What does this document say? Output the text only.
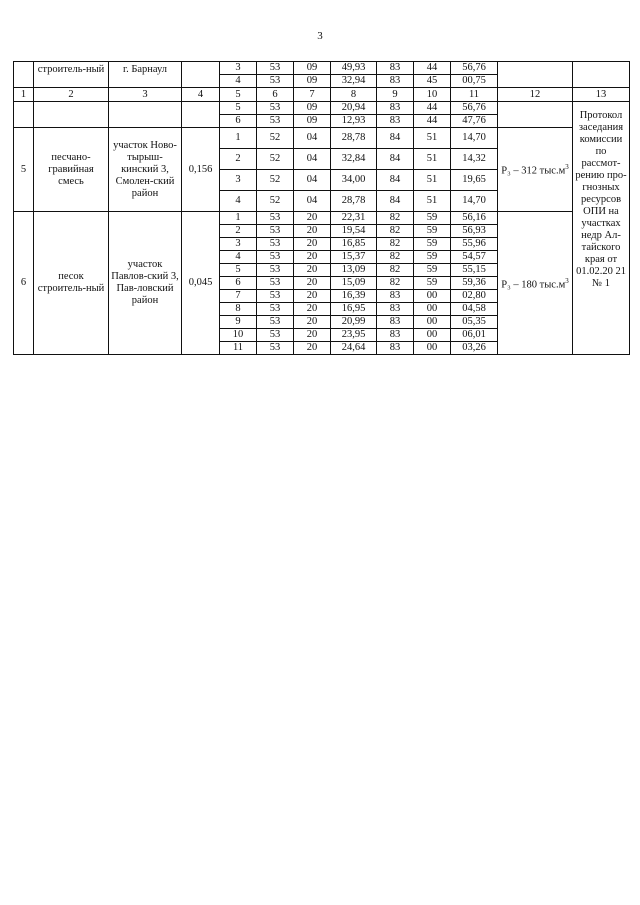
3

	строитель-ный	г. Барнаул		3	53	09	49,93	83	44	56,76		

				4	53	09	32,94	83	45	00,75		

1	2	3	4	5	6	7	8	9	10	11	12	13

				5	53	09	20,94	83	44	56,76		Протокол заседания комиссии по рассмот-рению про-гнозных ресурсов ОПИ на участках недр Ал-тайского края от 01.02.20 21 № 1

				6	53	09	12,93	83	44	47,76		

5	песчано-гравийная смесь	участок Ново-тырыш-кинский 3, Смолен-ский район	0,156	1	52	04	28,78	84	51	14,70	Р₃ – 312 $тыс.м^3$

				2	52	04	32,84	84	51	14,32		

				3	52	04	34,00	84	51	19,65		

				4	52	04	28,78	84	51	14,70		

6	песок строитель-ный	участок Павлов-ский 3, Пав-ловский район	0,045	1	53	20	22,31	82	59	56,16	Р₃ – 180 $тыс.м^3$

				2	53	20	19,54	82	59	56,93		

				3	53	20	16,85	82	59	55,96		

				4	53	20	15,37	82	59	54,57		

				5	53	20	13,09	82	59	55,15		

				6	53	20	15,09	82	59	59,36		

				7	53	20	16,39	83	00	02,80		

				8	53	20	16,95	83	00	04,58		

				9	53	20	20,99	83	00	05,35		

				10	53	20	23,95	83	00	06,01		

				11	53	20	24,64	83	00	03,26		
